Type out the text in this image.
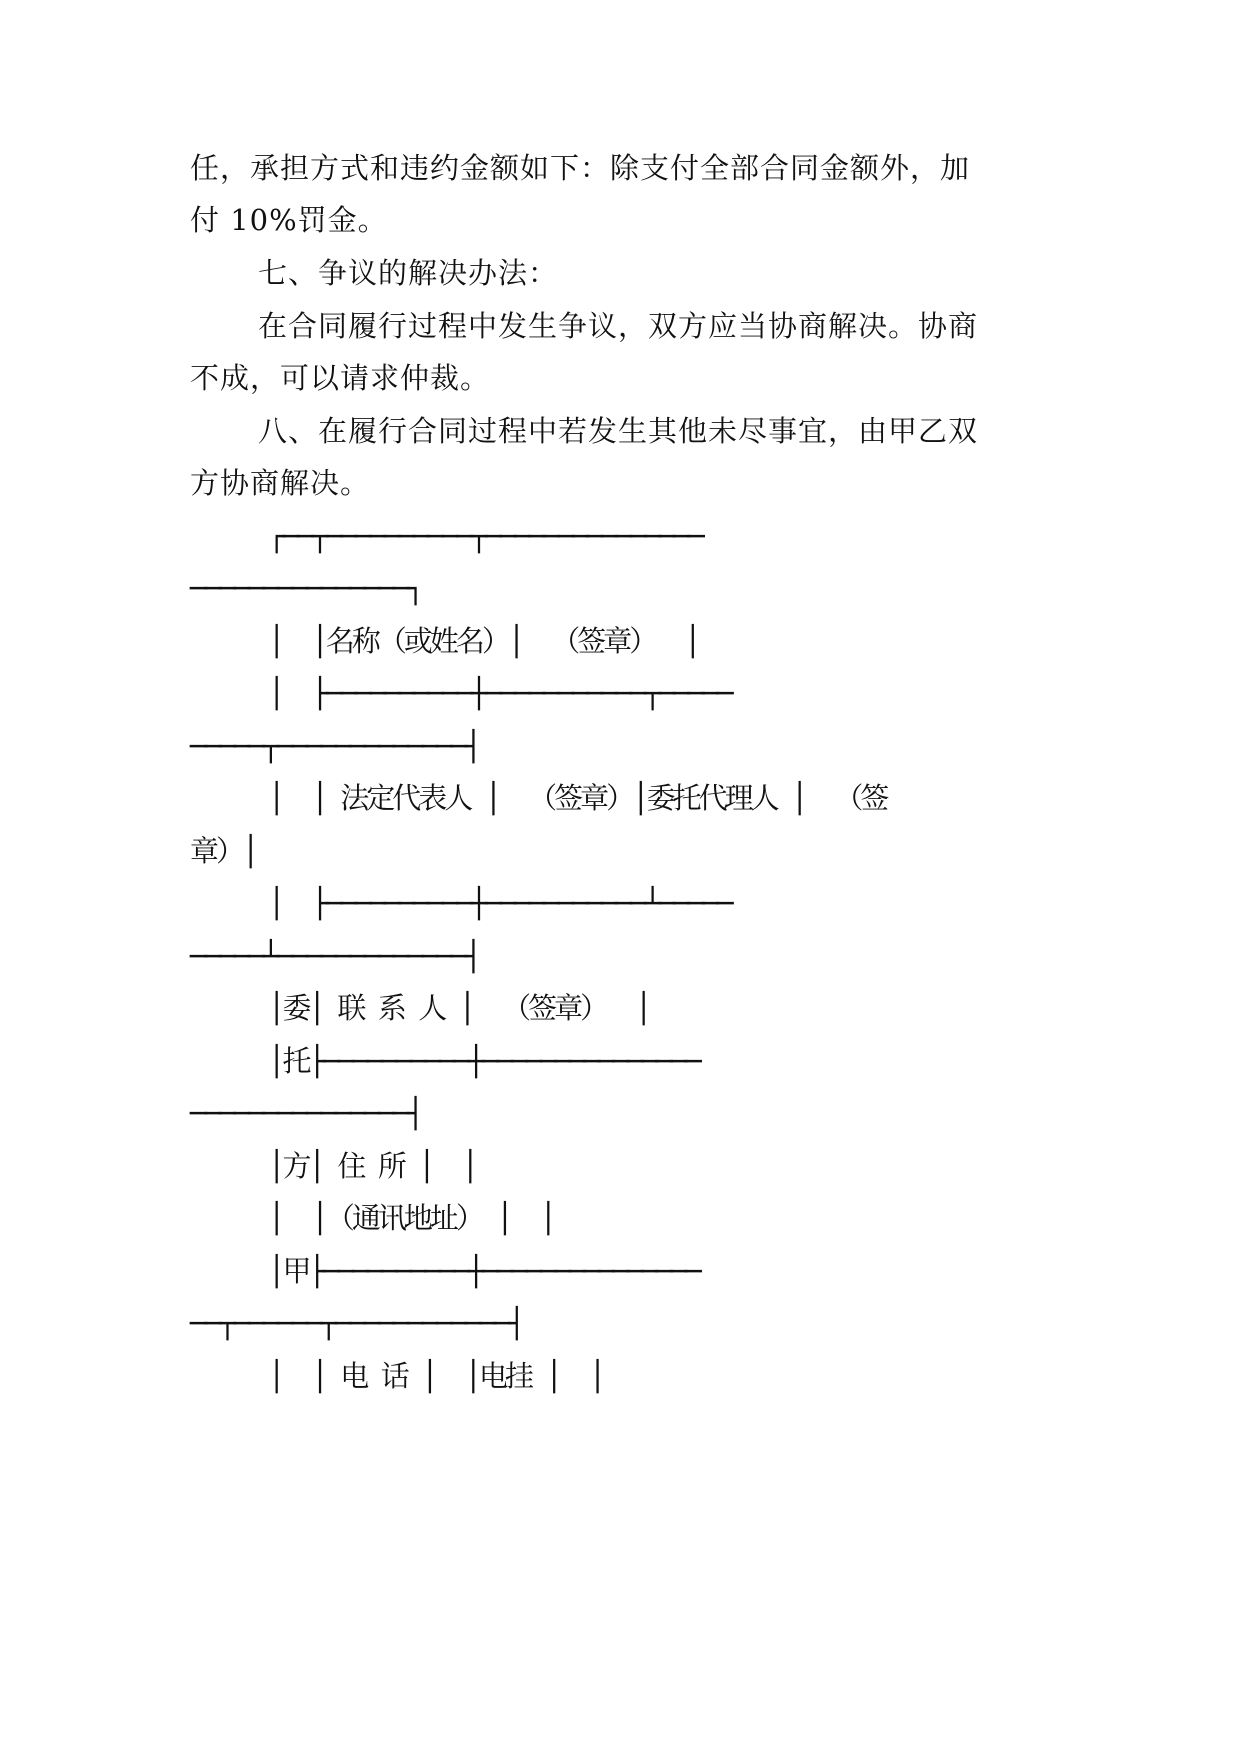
任，承担方式和违约金额如下：除支付全部合同金额外，加
付 10%罚金。
七、争议的解决办法：
在合同履行过程中发生争议，双方应当协商解决。协商
不成，可以请求仲裁。
八、在履行合同过程中若发生其他未尽事宜，由甲乙双
方协商解决。
┌──┬──────────┬───────────────
───────────────┐
│  │名称（或姓名）│  （签章）  │
│  ├──────────┼───────────┬─────
─────┬─────────────┤
│  │ 法定代表人 │  （签章）│委托代理人 │  （签
章）│
│  ├──────────┼───────────┴─────
─────┴─────────────┤
│委│ 联 系 人 │  （签章）  │
│托├──────────┼───────────────
───────────────┤
│方│ 住 所 │  │
│  │（通讯地址） │  │
│甲├──────────┼───────────────
──┬──────┬────────────┤
│  │ 电 话 │  │电挂 │  │
